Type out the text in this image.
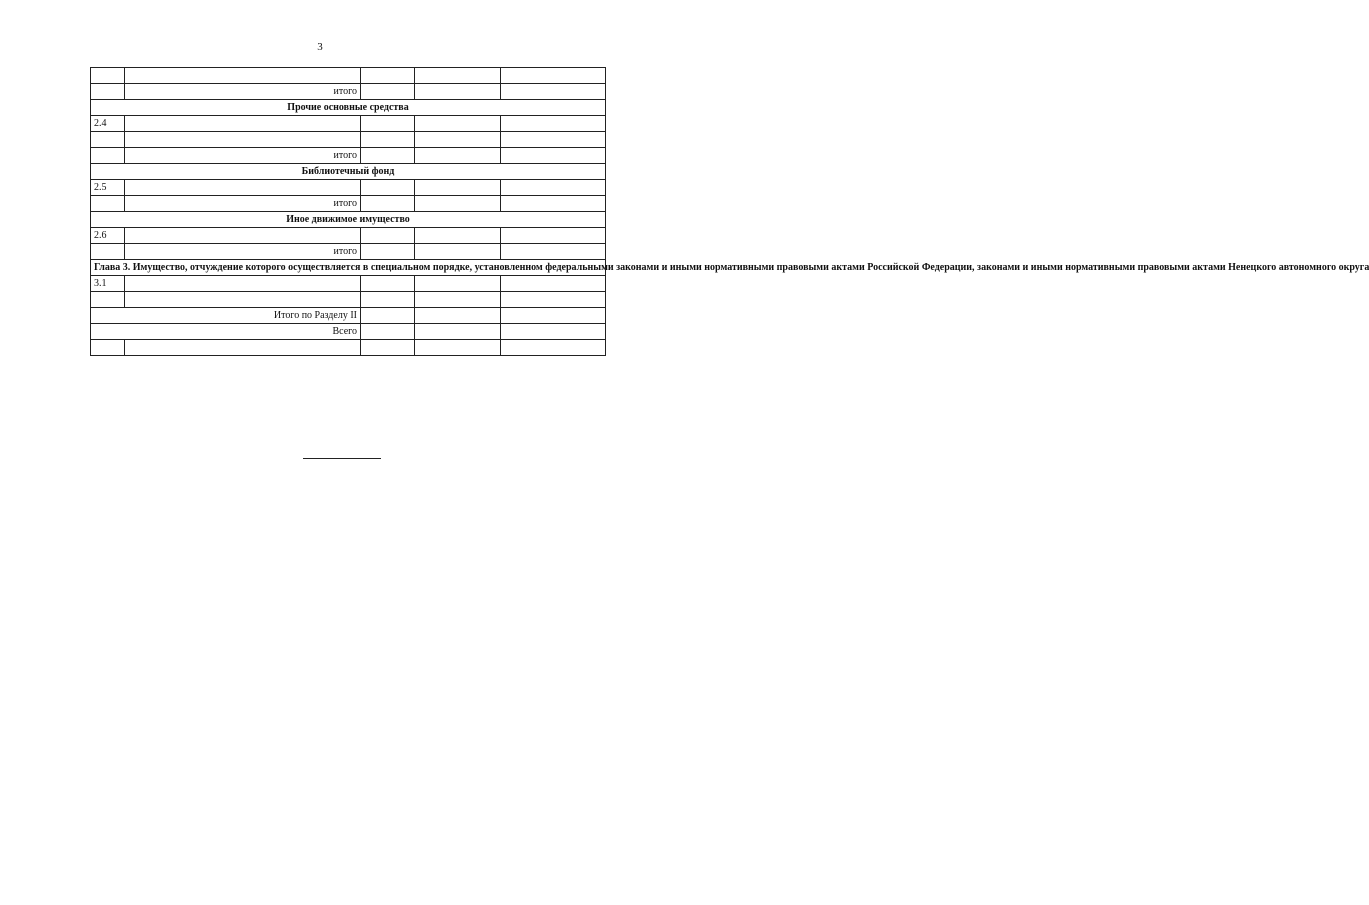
3

	итого			
Прочие основные средства				
2.4				

	итого			
Библиотечный фонд				
2.5				
	итого			
Иное движимое имущество				
2.6				
	итого			
Глава 3. Имущество, отчуждение которого осуществляется в специальном порядке, установленном федеральными законами и иными нормативными правовыми актами Российской Федерации, законами и иными нормативными правовыми актами Ненецкого автономного округа				
3.1				

Итого по Разделу II				
Всего				
